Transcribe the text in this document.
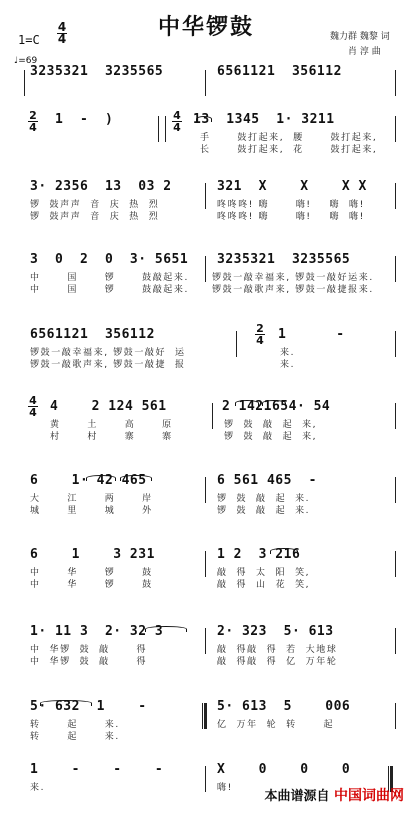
中华锣鼓
1=C
4
4	魏力群 魏黎 词
肖 淳 曲
♩=69
本曲谱源自 中国词曲网
3235321  3235565	6561121  356112
1  -  )	13  1345  1· 3211
手      鼓打起来,  腰      鼓打起来,
长      鼓打起来,  花      鼓打起来,
2
4
4
4
3· 2356  13  03 2	321  X    X    X X
锣  鼓声声  音  庆  热  烈
锣  鼓声声  音  庆  热  烈
咚咚咚! 嗨      嗨!    嗨  嗨!
咚咚咚! 嗨      嗨!    嗨  嗨!
3  0  2  0  3· 5651 3235321  3235565
中      国      锣      鼓敲起来.
中      国      锣      鼓敲起来.
锣鼓一敲幸福来, 锣鼓一敲好运来.
锣鼓一敲歌声来, 锣鼓一敲捷报来.
6561121  356112	1      -
锣鼓一敲幸福来, 锣鼓一敲好  运
锣鼓一敲歌声来, 锣鼓一敲捷  报
来.
来.
2
4
4    2 124 561	2 1421654· 54
黄      土      高      原
村      村      寨      寨
锣  鼓  敲  起  来,
锣  鼓  敲  起  来,
4
4
6    1· 42 465	6 561 465  -
大      江      两      岸
城      里      城      外
锣  鼓  敲  起  来.
锣  鼓  敲  起  来.
6    1    3 231	1 2  3 216
中      华      锣      鼓
中      华      锣      鼓
敲  得  太  阳  笑,
敲  得  山  花  笑,
1· 11 3  2· 32 3	2· 323  5· 613
中  华锣  鼓  敲      得
中  华锣  鼓  敲      得
敲  得敲  得  若  大地球
敲  得敲  得  亿  万年轮
5· 632  1    -	5· 613  5    006
转      起      来.
转      起      来.
亿  万年  轮  转      起
1    -    -    -	X    0    0    0
来.	嗨!
